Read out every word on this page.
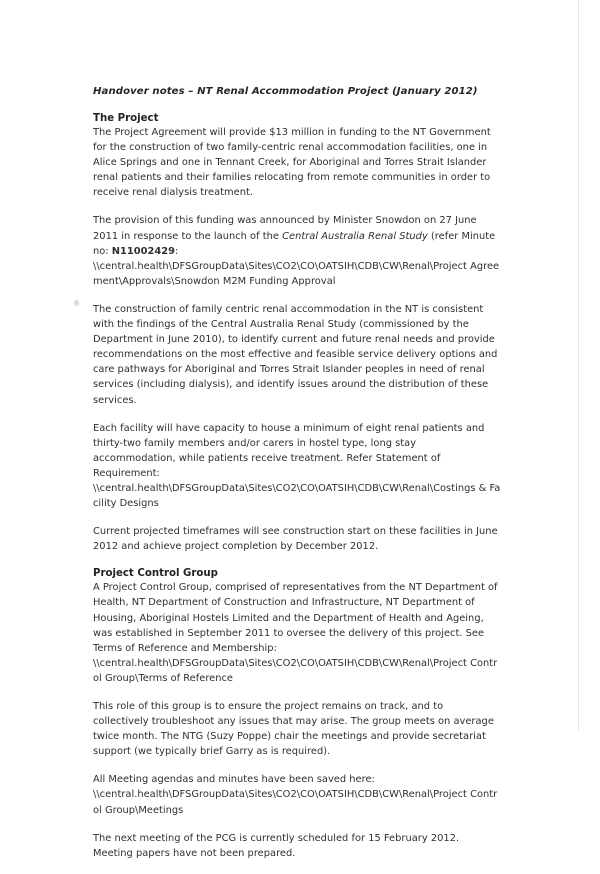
Handover notes – NT Renal Accommodation Project (January 2012)
The Project

The Project Agreement will provide $13 million in funding to the NT Government for the construction of two family-centric renal accommodation facilities, one in Alice Springs and one in Tennant Creek, for Aboriginal and Torres Strait Islander renal patients and their families relocating from remote communities in order to receive renal dialysis treatment.

The provision of this funding was announced by Minister Snowdon on 27 June 2011 in response to the launch of the Central Australia Renal Study (refer Minute no: N11002429:
\\central.health\DFSGroupData\Sites\CO2\CO\OATSIH\CDB\CW\Renal\Project Agreement\Approvals\Snowdon M2M Funding Approval

The construction of family centric renal accommodation in the NT is consistent with the findings of the Central Australia Renal Study (commissioned by the Department in June 2010), to identify current and future renal needs and provide recommendations on the most effective and feasible service delivery options and care pathways for Aboriginal and Torres Strait Islander peoples in need of renal services (including dialysis), and identify issues around the distribution of these services.

Each facility will have capacity to house a minimum of eight renal patients and thirty-two family members and/or carers in hostel type, long stay accommodation, while patients receive treatment. Refer Statement of Requirement:
\\central.health\DFSGroupData\Sites\CO2\CO\OATSIH\CDB\CW\Renal\Costings & Facility Designs

Current projected timeframes will see construction start on these facilities in June 2012 and achieve project completion by December 2012.

Project Control Group

A Project Control Group, comprised of representatives from the NT Department of Health, NT Department of Construction and Infrastructure, NT Department of Housing, Aboriginal Hostels Limited and the Department of Health and Ageing, was established in September 2011 to oversee the delivery of this project. See Terms of Reference and Membership:
\\central.health\DFSGroupData\Sites\CO2\CO\OATSIH\CDB\CW\Renal\Project Control Group\Terms of Reference

This role of this group is to ensure the project remains on track, and to collectively troubleshoot any issues that may arise. The group meets on average twice month. The NTG (Suzy Poppe) chair the meetings and provide secretariat support (we typically brief Garry as is required).

All Meeting agendas and minutes have been saved here:
\\central.health\DFSGroupData\Sites\CO2\CO\OATSIH\CDB\CW\Renal\Project Control Group\Meetings

The next meeting of the PCG is currently scheduled for 15 February 2012. Meeting papers have not been prepared.
